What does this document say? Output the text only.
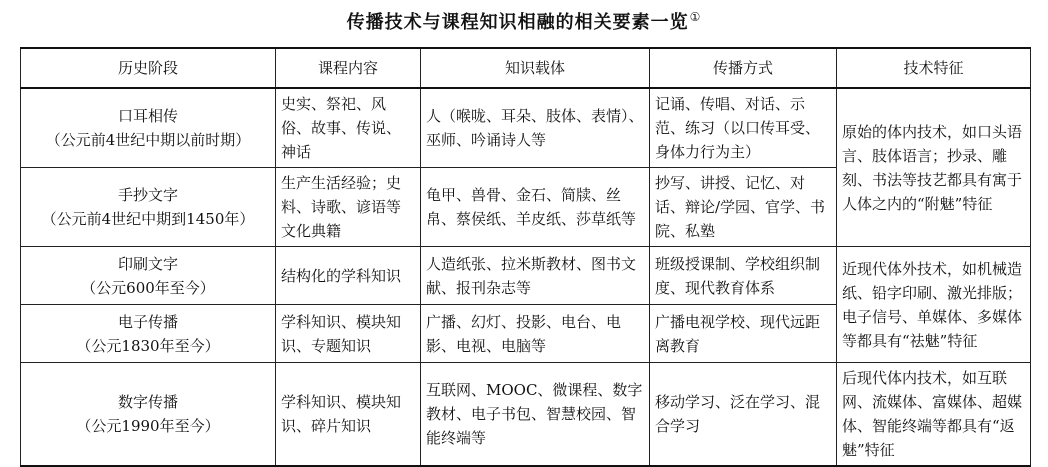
传播技术与课程知识相融的相关要素一览①
历史阶段	课程内容	知识载体	传播方式	技术特征

口耳相传
（公元前4世纪中期以前时期）	史实、祭祀、风俗、故事、传说、神话	人（喉咙、耳朵、肢体、表情）、巫师、吟诵诗人等	记诵、传唱、对话、示范、练习（以口传耳受、身体力行为主）	原始的体内技术，如口头语言、肢体语言；抄录、雕刻、书法等技艺都具有寓于人体之内的“附魅”特征

手抄文字
（公元前4世纪中期到1450年）	生产生活经验；史料、诗歌、谚语等文化典籍	龟甲、兽骨、金石、简牍、丝帛、蔡侯纸、羊皮纸、莎草纸等	抄写、讲授、记忆、对话、辩论/学园、官学、书院、私塾	

印刷文字
（公元600年至今）	结构化的学科知识	人造纸张、拉米斯教材、图书文献、报刊杂志等	班级授课制、学校组织制度、现代教育体系	近现代体外技术，如机械造纸、铅字印刷、激光排版；电子信号、单媒体、多媒体等都具有“祛魅”特征

电子传播
（公元1830年至今）	学科知识、模块知识、专题知识	广播、幻灯、投影、电台、电影、电视、电脑等	广播电视学校、现代远距离教育	

数字传播
（公元1990年至今）	学科知识、模块知识、碎片知识	互联网、MOOC、微课程、数字教材、电子书包、智慧校园、智能终端等	移动学习、泛在学习、混合学习	后现代体内技术，如互联网、流媒体、富媒体、超媒体、智能终端等都具有“返魅”特征
